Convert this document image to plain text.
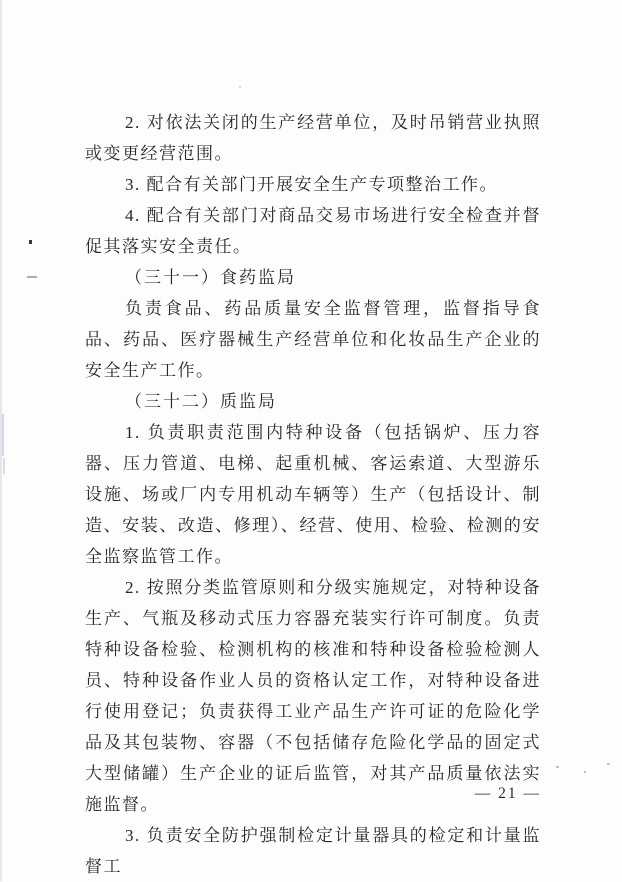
2. 对依法关闭的生产经营单位，及时吊销营业执照或变更经营范围。

3. 配合有关部门开展安全生产专项整治工作。

4. 配合有关部门对商品交易市场进行安全检查并督促其落实安全责任。

（三十一）食药监局

负责食品、药品质量安全监督管理，监督指导食品、药品、医疗器械生产经营单位和化妆品生产企业的安全生产工作。

（三十二）质监局

1. 负责职责范围内特种设备（包括锅炉、压力容器、压力管道、电梯、起重机械、客运索道、大型游乐设施、场或厂内专用机动车辆等）生产（包括设计、制造、安装、改造、修理）、经营、使用、检验、检测的安全监察监管工作。

2. 按照分类监管原则和分级实施规定，对特种设备生产、气瓶及移动式压力容器充装实行许可制度。负责特种设备检验、检测机构的核准和特种设备检验检测人员、特种设备作业人员的资格认定工作，对特种设备进行使用登记；负责获得工业产品生产许可证的危险化学品及其包装物、容器（不包括储存危险化学品的固定式大型储罐）生产企业的证后监管，对其产品质量依法实施监督。

3. 负责安全防护强制检定计量器具的检定和计量监督工

— 21 —
